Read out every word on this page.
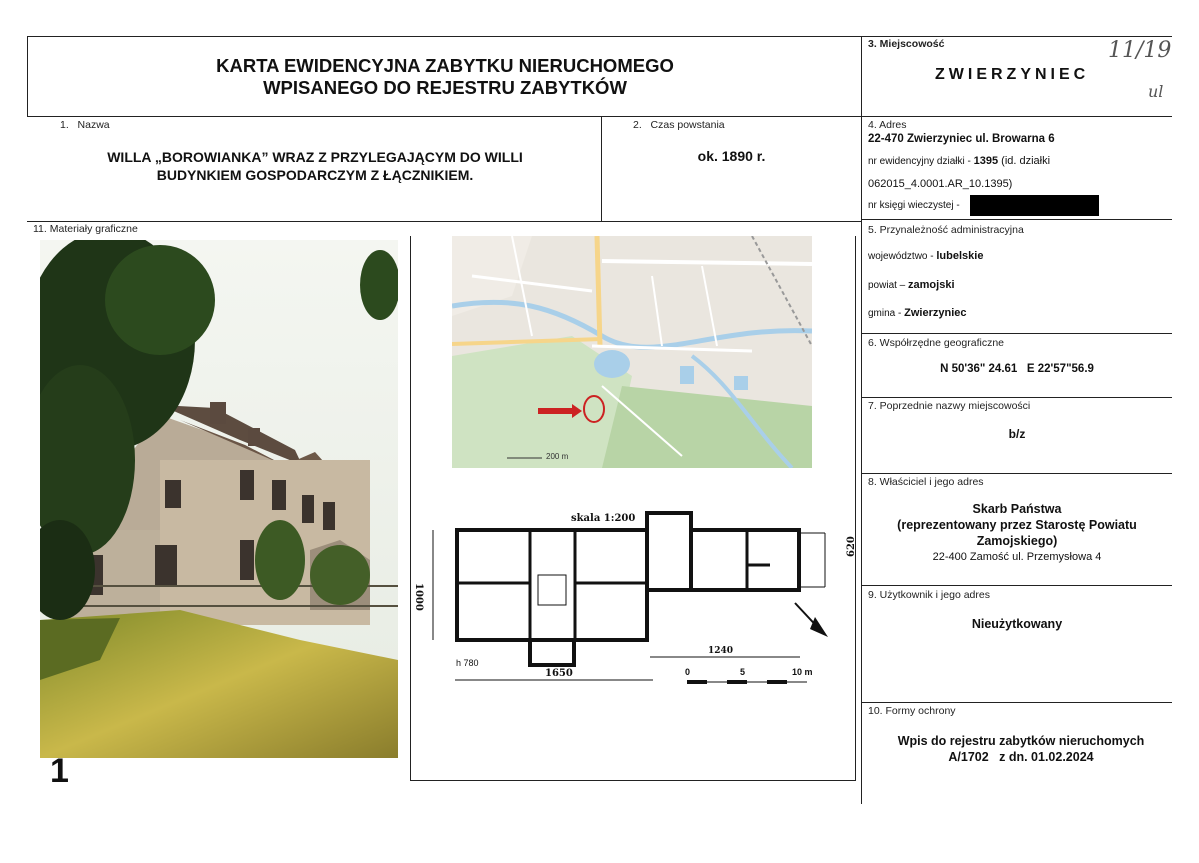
KARTA EWIDENCYJNA ZABYTKU NIERUCHOMEGO
WPISANEGO DO REJESTRU ZABYTKÓW
3. Miejscowość
ZWIERZYNIEC
11/19
ul
1. Nazwa
WILLA „BOROWIANKA” WRAZ Z PRZYLEGAJĄCYM DO WILLI
BUDYNKIEM GOSPODARCZYM Z ŁĄCZNIKIEM.
2. Czas powstania
ok. 1890 r.
4. Adres
22-470 Zwierzyniec ul. Browarna 6
nr ewidencyjny działki - 1395 (id. działki
062015_4.0001.AR_10.1395)
nr księgi wieczystej -
11. Materiały graficzne
1
200 m
skala 1:200
1000
620
h 780
1240
1650	0	5	10 m
5. Przynależność administracyjna
województwo - lubelskie
powiat – zamojski
gmina - Zwierzyniec
6. Współrzędne geograficzne
N 50'36" 24.61   E 22'57"56.9
7. Poprzednie nazwy miejscowości
b/z
8. Właściciel i jego adres
Skarb Państwa
(reprezentowany przez Starostę Powiatu
Zamojskiego)
22-400 Zamość ul. Przemysłowa 4
9. Użytkownik i jego adres
Nieużytkowany
10. Formy ochrony
Wpis do rejestru zabytków nieruchomych
A/1702   z dn. 01.02.2024
